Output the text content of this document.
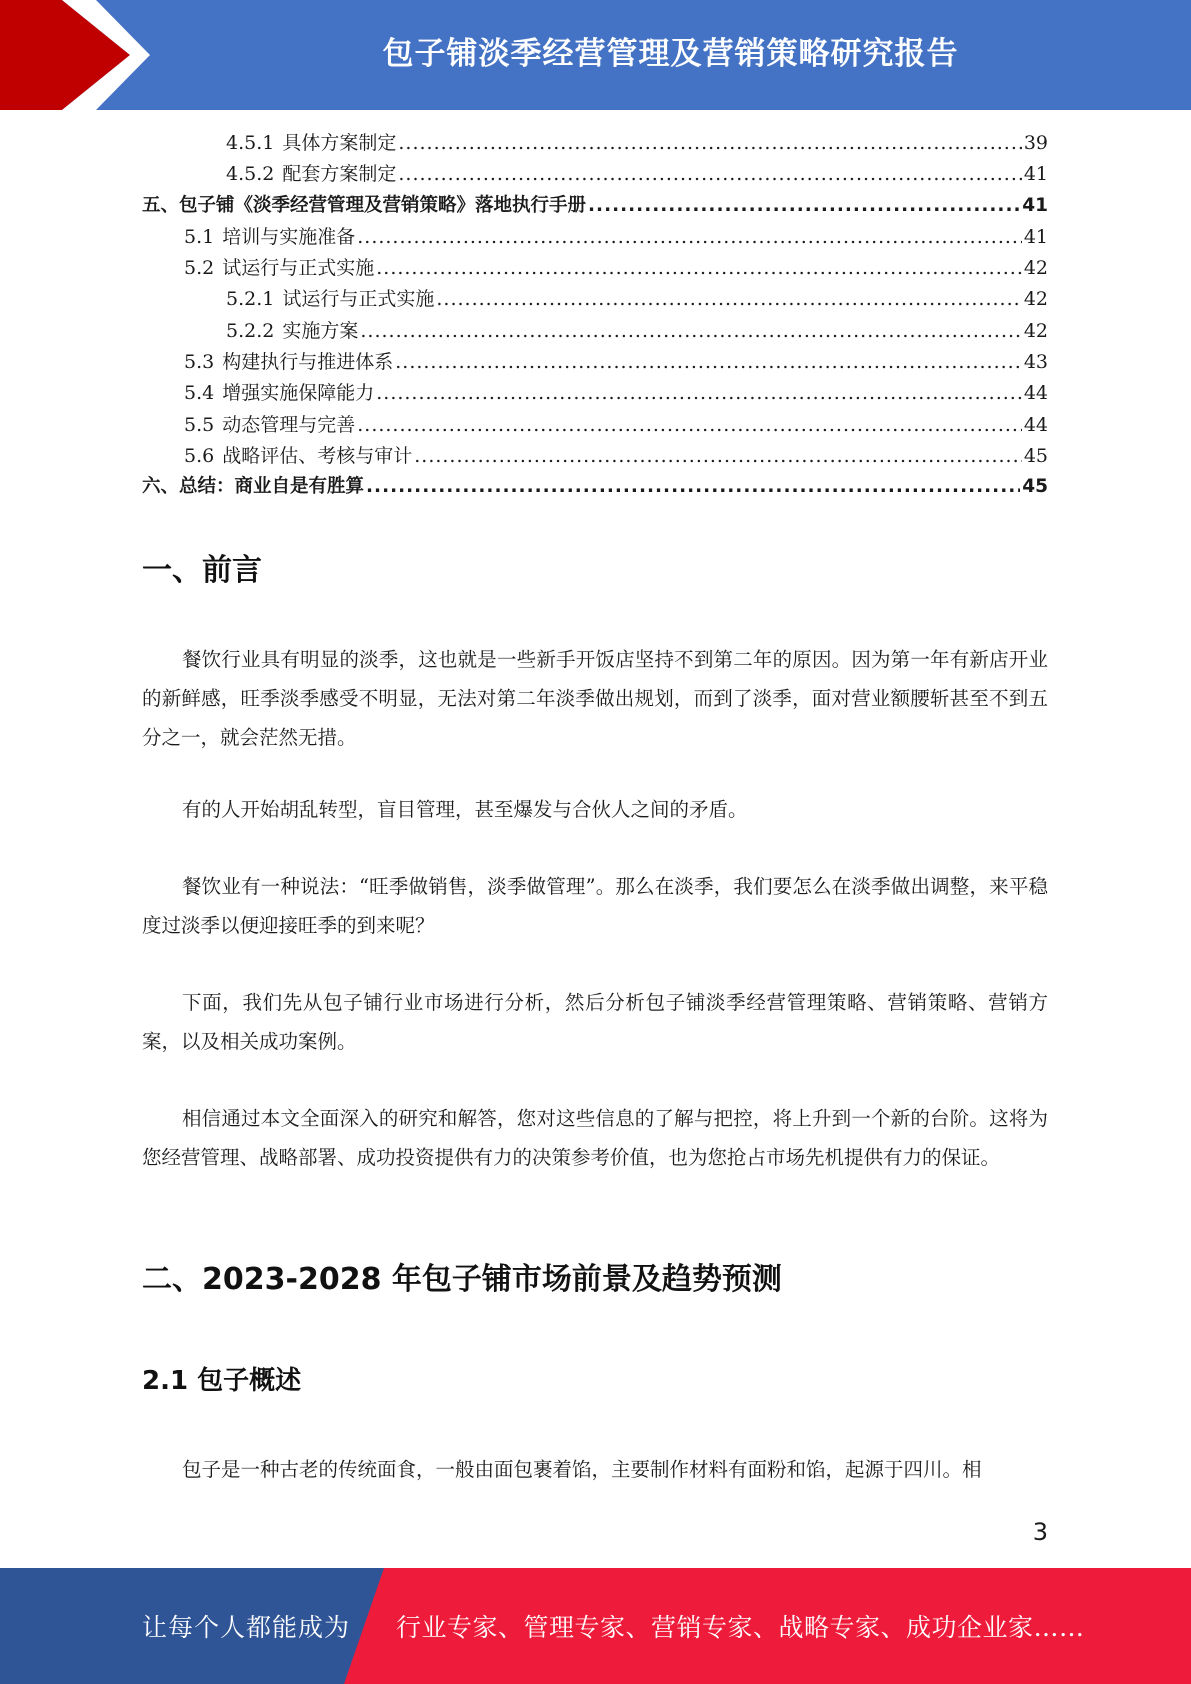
包子铺淡季经营管理及营销策略研究报告
4.5.1 具体方案制定 .....	39
4.5.2 配套方案制定 .....	41
五、包子铺《淡季经营管理及营销策略》落地执行手册 .....	41
5.1 培训与实施准备 .....	41
5.2 试运行与正式实施 .....	42
5.2.1 试运行与正式实施 .....	42
5.2.2 实施方案 .....	42
5.3 构建执行与推进体系 .....	43
5.4 增强实施保障能力 .....	44
5.5 动态管理与完善 .....	44
5.6 战略评估、考核与审计 .....	45
六、总结：商业自是有胜算 .....	45
一、前言

餐饮行业具有明显的淡季，这也就是一些新手开饭店坚持不到第二年的原因。因为第一年有新店开业的新鲜感，旺季淡季感受不明显，无法对第二年淡季做出规划，而到了淡季，面对营业额腰斩甚至不到五分之一，就会茫然无措。

有的人开始胡乱转型，盲目管理，甚至爆发与合伙人之间的矛盾。

餐饮业有一种说法：“旺季做销售，淡季做管理”。那么在淡季，我们要怎么在淡季做出调整，来平稳度过淡季以便迎接旺季的到来呢？

下面，我们先从包子铺行业市场进行分析，然后分析包子铺淡季经营管理策略、营销策略、营销方案，以及相关成功案例。

相信通过本文全面深入的研究和解答，您对这些信息的了解与把控，将上升到一个新的台阶。这将为您经营管理、战略部署、成功投资提供有力的决策参考价值，也为您抢占市场先机提供有力的保证。

二、2023-2028 年包子铺市场前景及趋势预测
2.1 包子概述

包子是一种古老的传统面食，一般由面包裹着馅，主要制作材料有面粉和馅，起源于四川。相

3
让每个人都能成为 行业专家、管理专家、营销专家、战略专家、成功企业家……
